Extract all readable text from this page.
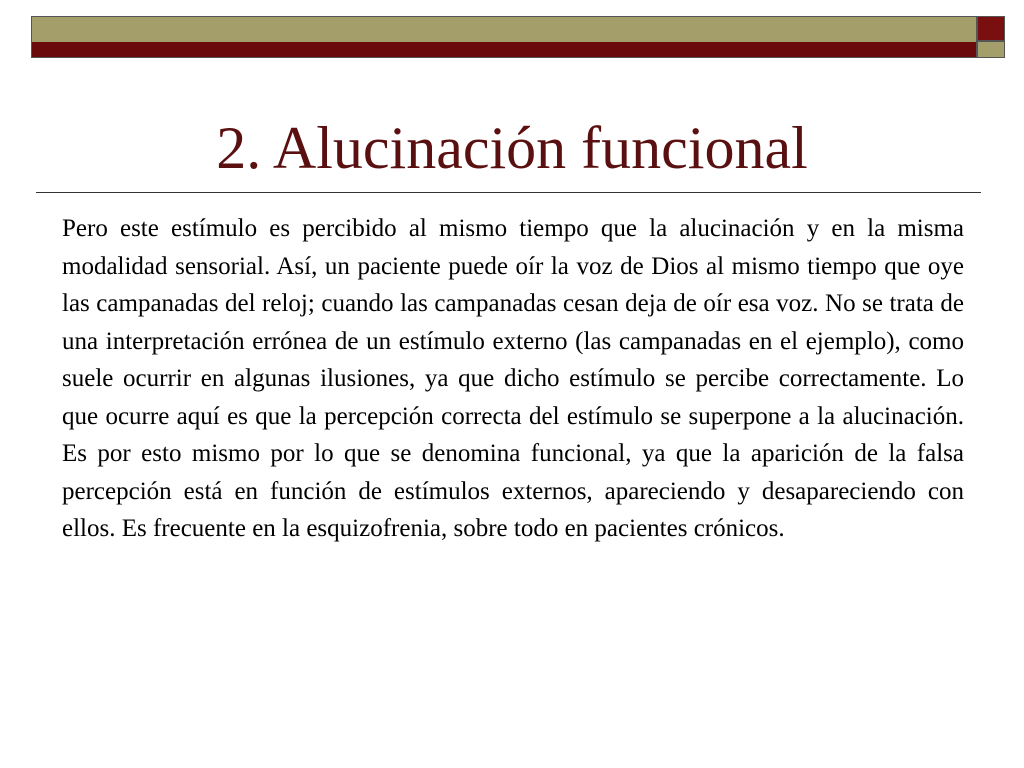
2. Alucinación funcional

Pero este estímulo es percibido al mismo tiempo que la alucinación y en la misma modalidad sensorial. Así, un paciente puede oír la voz de Dios al mismo tiempo que oye las campanadas del reloj; cuando las campanadas cesan deja de oír esa voz. No se trata de una interpretación errónea de un estímulo externo (las campanadas en el ejemplo), como suele ocurrir en algunas ilusiones, ya que dicho estímulo se percibe correctamente. Lo que ocurre aquí es que la percepción correcta del estímulo se superpone a la alucinación. Es por esto mismo por lo que se denomina funcional, ya que la aparición de la falsa percepción está en función de estímulos externos, apareciendo y desapareciendo con ellos. Es frecuente en la esquizofrenia, sobre todo en pacientes crónicos.
